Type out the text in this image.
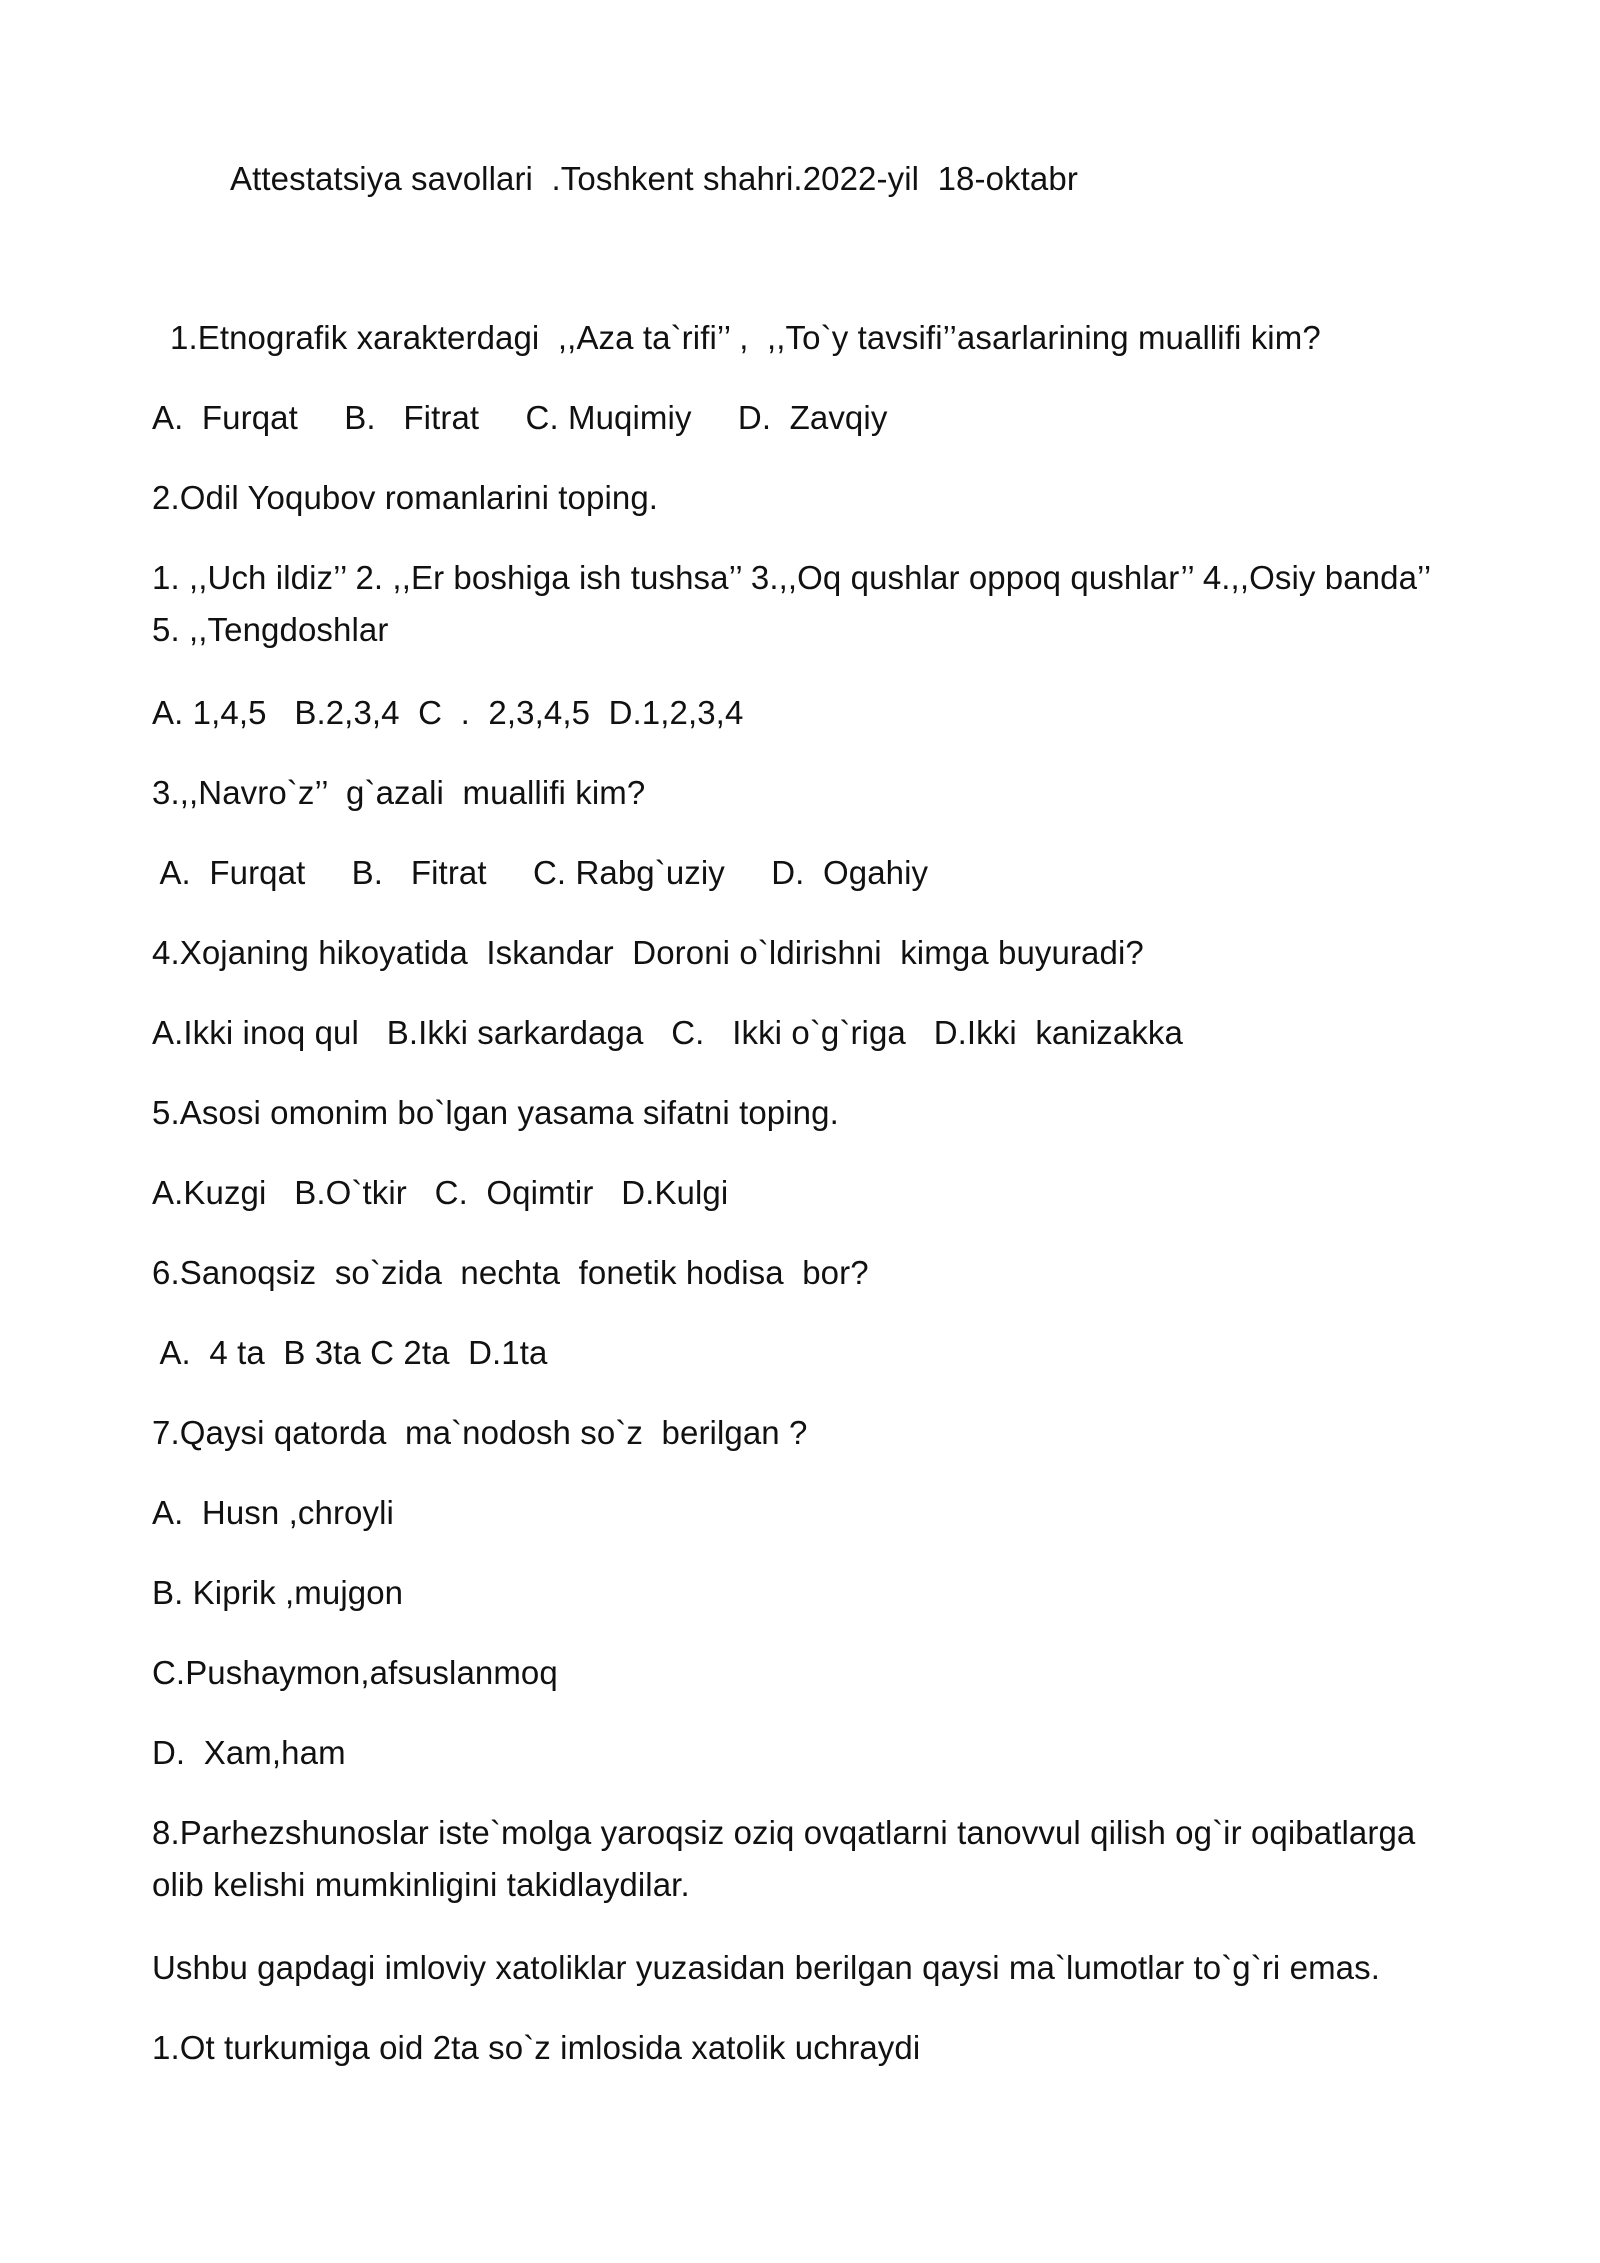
Attestatsiya savollari  .Toshkent shahri.2022-yil  18-oktabr
1.Etnografik xarakterdagi  ,,Aza ta`rifi’’ ,  ,,To`y tavsifi’’asarlarining muallifi kim?
A.  Furqat     B.   Fitrat     C. Muqimiy     D.  Zavqiy
2.Odil Yoqubov romanlarini toping.
1. ,,Uch ildiz’’ 2. ,,Er boshiga ish tushsa’’ 3.,,Oq qushlar oppoq qushlar’’ 4.,,Osiy banda’’ 5. ,,Tengdoshlar
A. 1,4,5   B.2,3,4  C  .  2,3,4,5  D.1,2,3,4
3.,,Navro`z’’  g`azali  muallifi kim?
A.  Furqat     B.   Fitrat     C. Rabg`uziy     D.  Ogahiy
4.Xojaning hikoyatida  Iskandar  Doroni o`ldirishni  kimga buyuradi?
A.Ikki inoq qul   B.Ikki sarkardaga   C.   Ikki o`g`riga   D.Ikki  kanizakka
5.Asosi omonim bo`lgan yasama sifatni toping.
A.Kuzgi   B.O`tkir   C.  Oqimtir   D.Kulgi
6.Sanoqsiz  so`zida  nechta  fonetik hodisa  bor?
A.  4 ta  B 3ta C 2ta  D.1ta
7.Qaysi qatorda  ma`nodosh so`z  berilgan ?
A.  Husn ,chroyli
B. Kiprik ,mujgon
C.Pushaymon,afsuslanmoq
D.  Xam,ham
8.Parhezshunoslar iste`molga yaroqsiz oziq ovqatlarni tanovvul qilish og`ir oqibatlarga olib kelishi mumkinligini takidlaydilar.
Ushbu gapdagi imloviy xatoliklar yuzasidan berilgan qaysi ma`lumotlar to`g`ri emas.
1.Ot turkumiga oid 2ta so`z imlosida xatolik uchraydi
